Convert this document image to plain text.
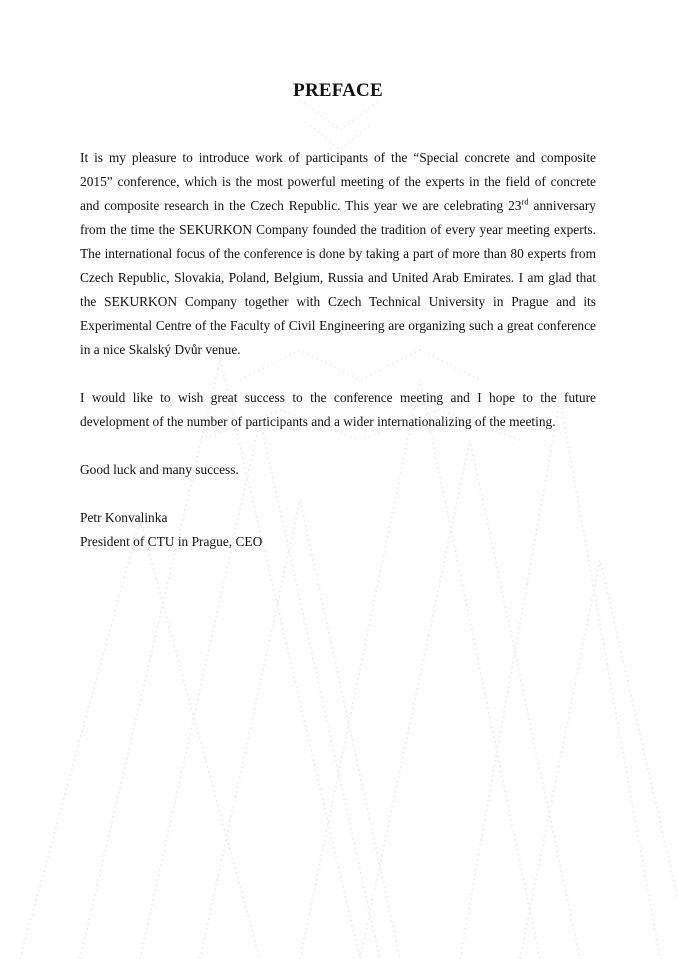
PREFACE

It is my pleasure to introduce work of participants of the “Special concrete and composite 2015” conference, which is the most powerful meeting of the experts in the field of concrete and composite research in the Czech Republic. This year we are celebrating 23rd anniversary from the time the SEKURKON Company founded the tradition of every year meeting experts. The international focus of the conference is done by taking a part of more than 80 experts from Czech Republic, Slovakia, Poland, Belgium, Russia and United Arab Emirates. I am glad that the SEKURKON Company together with Czech Technical University in Prague and its Experimental Centre of the Faculty of Civil Engineering are organizing such a great conference in a nice Skalský Dvůr venue.

I would like to wish great success to the conference meeting and I hope to the future development of the number of participants and a wider internationalizing of the meeting.

Good luck and many success.

Petr Konvalinka

President of CTU in Prague, CEO
